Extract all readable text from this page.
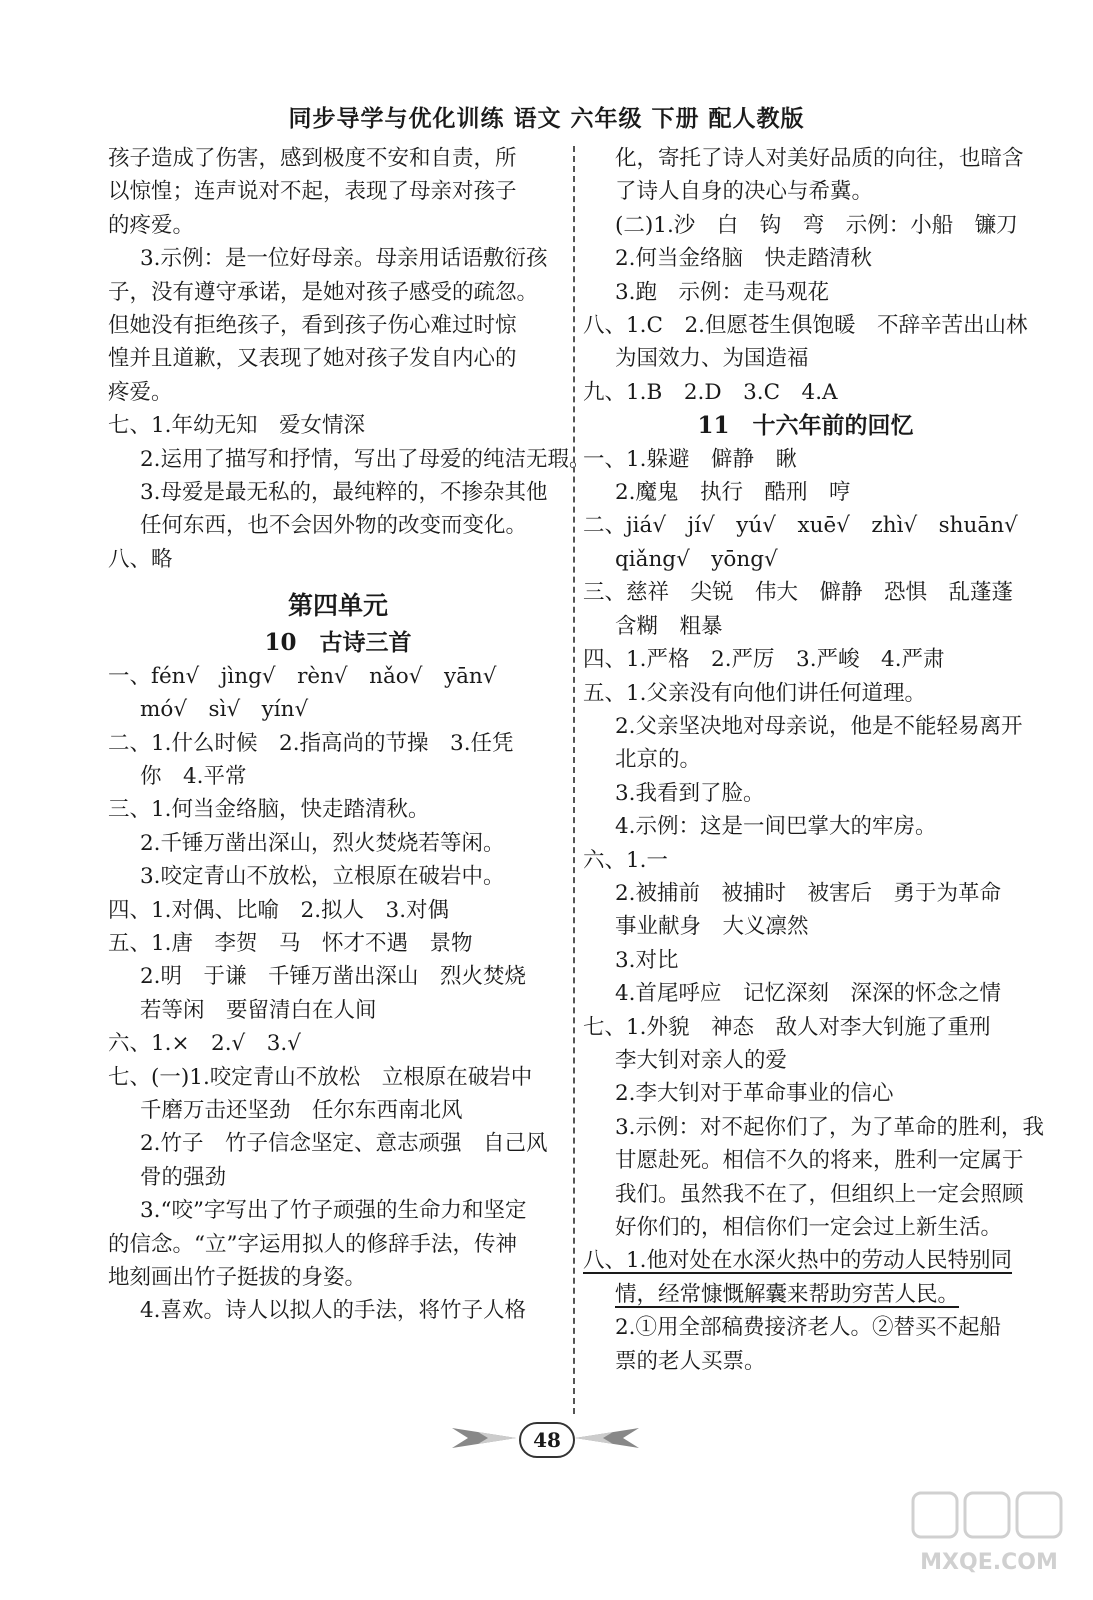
同步导学与优化训练 语文 六年级 下册 配人教版
孩子造成了伤害，感到极度不安和自责，所
以惊惶；连声说对不起，表现了母亲对孩子
的疼爱。
3.示例：是一位好母亲。母亲用话语敷衍孩
子，没有遵守承诺，是她对孩子感受的疏忽。
但她没有拒绝孩子，看到孩子伤心难过时惊
惶并且道歉，又表现了她对孩子发自内心的
疼爱。
七、1.年幼无知　爱女情深
2.运用了描写和抒情，写出了母爱的纯洁无瑕。
3.母爱是最无私的，最纯粹的，不掺杂其他
任何东西，也不会因外物的改变而变化。
八、略
第四单元
10　古诗三首
一、fén√　jìng√　rèn√　nǎo√　yān√
mó√　sì√　yín√
二、1.什么时候　2.指高尚的节操　3.任凭
你　4.平常
三、1.何当金络脑，快走踏清秋。
2.千锤万凿出深山，烈火焚烧若等闲。
3.咬定青山不放松，立根原在破岩中。
四、1.对偶、比喻　2.拟人　3.对偶
五、1.唐　李贺　马　怀才不遇　景物
2.明　于谦　千锤万凿出深山　烈火焚烧
若等闲　要留清白在人间
六、1.×　2.√　3.√
七、(一)1.咬定青山不放松　立根原在破岩中
千磨万击还坚劲　任尔东西南北风
2.竹子　竹子信念坚定、意志顽强　自己风
骨的强劲
3.“咬”字写出了竹子顽强的生命力和坚定
的信念。“立”字运用拟人的修辞手法，传神
地刻画出竹子挺拔的身姿。
4.喜欢。诗人以拟人的手法，将竹子人格
化，寄托了诗人对美好品质的向往，也暗含
了诗人自身的决心与希冀。
(二)1.沙　白　钩　弯　示例：小船　镰刀
2.何当金络脑　快走踏清秋
3.跑　示例：走马观花
八、1.C　2.但愿苍生俱饱暖　不辞辛苦出山林
为国效力、为国造福
九、1.B　2.D　3.C　4.A
11　十六年前的回忆
一、1.躲避　僻静　瞅
2.魔鬼　执行　酷刑　哼
二、jiá√　jí√　yú√　xuē√　zhì√　shuān√
qiǎng√　yōng√
三、慈祥　尖锐　伟大　僻静　恐惧　乱蓬蓬
含糊　粗暴
四、1.严格　2.严厉　3.严峻　4.严肃
五、1.父亲没有向他们讲任何道理。
2.父亲坚决地对母亲说，他是不能轻易离开
北京的。
3.我看到了脸。
4.示例：这是一间巴掌大的牢房。
六、1.一
2.被捕前　被捕时　被害后　勇于为革命
事业献身　大义凛然
3.对比
4.首尾呼应　记忆深刻　深深的怀念之情
七、1.外貌　神态　敌人对李大钊施了重刑
李大钊对亲人的爱
2.李大钊对于革命事业的信心
3.示例：对不起你们了，为了革命的胜利，我
甘愿赴死。相信不久的将来，胜利一定属于
我们。虽然我不在了，但组织上一定会照顾
好你们的，相信你们一定会过上新生活。
八、1.他对处在水深火热中的劳动人民特别同
情，经常慷慨解囊来帮助穷苦人民。
2.①用全部稿费接济老人。②替买不起船
票的老人买票。
48
MXQE.COM
